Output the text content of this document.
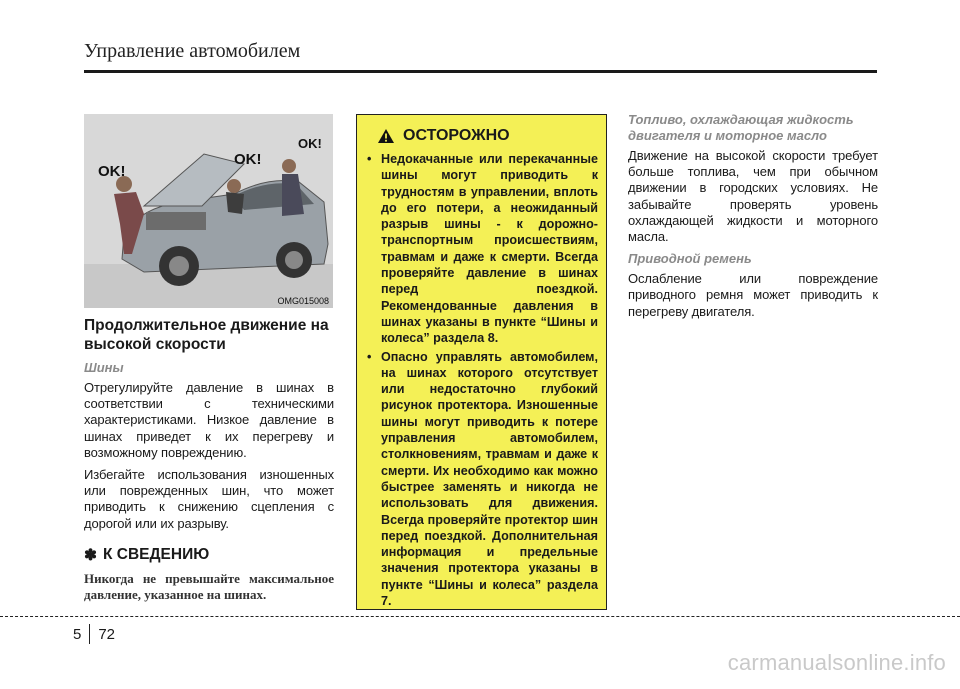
Управление автомобилем
OK!
OK!
OK!
OMG015008
Продолжительное движение на высокой скорости
Шины
Отрегулируйте давление в шинах в соответствии с техническими характеристиками. Низкое давление в шинах приведет к их перегреву и возможному повреждению.
Избегайте использования изношенных или поврежденных шин, что может приводить к снижению сцепления с дорогой или их разрыву.
✽ К СВЕДЕНИЮ
Никогда не превышайте максимальное давление, указанное на шинах.
ОСТОРОЖНО
• Недокачанные или перекачанные шины могут приводить к трудностям в управлении, вплоть до его потери, а неожиданный разрыв шины - к дорожно-транспортным происшествиям, травмам и даже к смерти. Всегда проверяйте давление в шинах перед поездкой. Рекомендованные давления в шинах указаны в пункте “Шины и колеса” раздела 8.
• Опасно управлять автомобилем, на шинах которого отсутствует или недостаточно глубокий рисунок протектора. Изношенные шины могут приводить к потере управления автомобилем, столкновениям, травмам и даже к смерти. Их необходимо как можно быстрее заменять и никогда не использовать для движения. Всегда проверяйте протектор шин перед поездкой. Дополнительная информация и предельные значения протектора указаны в пункте “Шины и колеса” раздела 7.
Топливо, охлаждающая жидкость двигателя и моторное масло
Движение на высокой скорости требует больше топлива, чем при обычном движении в городских условиях. Не забывайте проверять уровень охлаждающей жидкости и моторного масла.
Приводной ремень
Ослабление или повреждение приводного ремня может приводить к перегреву двигателя.
5 72
carmanualsonline.info
